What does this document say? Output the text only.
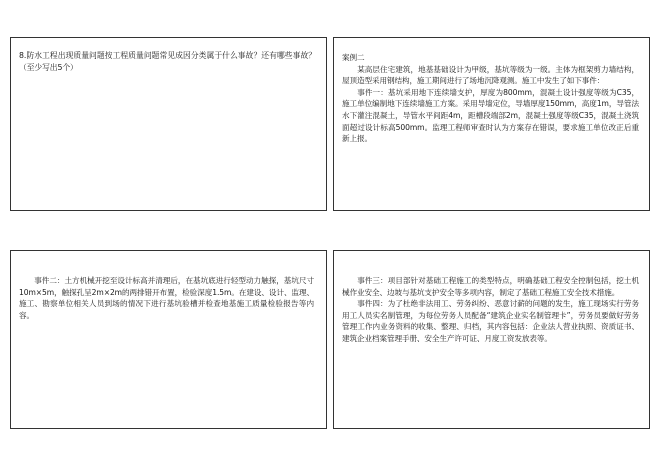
8.防水工程出现质量问题按工程质量问题常见成因分类属于什么事故？还有哪些事故？（至少写出5个）

案例二

某高层住宅建筑，地基基础设计为甲级，基坑等级为一级。主体为框架剪力墙结构，屋顶造型采用钢结构，施工期间进行了场地沉降观测。施工中发生了如下事件：

事件一：基坑采用地下连续墙支护，厚度为800mm，混凝土设计强度等级为C35，施工单位编制地下连续墙施工方案。采用导墙定位，导墙厚度150mm，高度1m，导管法水下灌注混凝土，导管水平间距4m，距槽段端部2m，混凝土强度等级C35，混凝土浇筑面超过设计标高500mm。监理工程师审查时认为方案存在错误，要求施工单位改正后重新上报。

事件二：土方机械开挖至设计标高并清理后，在基坑底进行轻型动力触探，基坑尺寸10m×5m，触探孔呈2m×2m的两排错开布置，检验深度1.5m。在建设、设计、监理、施工、勘察单位相关人员到场的情况下进行基坑验槽并检查地基施工质量检验报告等内容。

事件三：项目部针对基础工程施工的类型特点，明确基础工程安全控制包括，挖土机械作业安全、边坡与基坑支护安全等多项内容，制定了基础工程施工安全技术措施。

事件四：为了杜绝非法用工、劳务纠纷、恶意讨薪的问题的发生，施工现场实行劳务用工人员实名制管理，为每位劳务人员配备“建筑企业实名制管理卡”，劳务员要做好劳务管理工作内业务资料的收集、整理、归档，其内容包括：企业法人营业执照、资质证书、建筑企业档案管理手册、安全生产许可证、月度工资发放表等。
